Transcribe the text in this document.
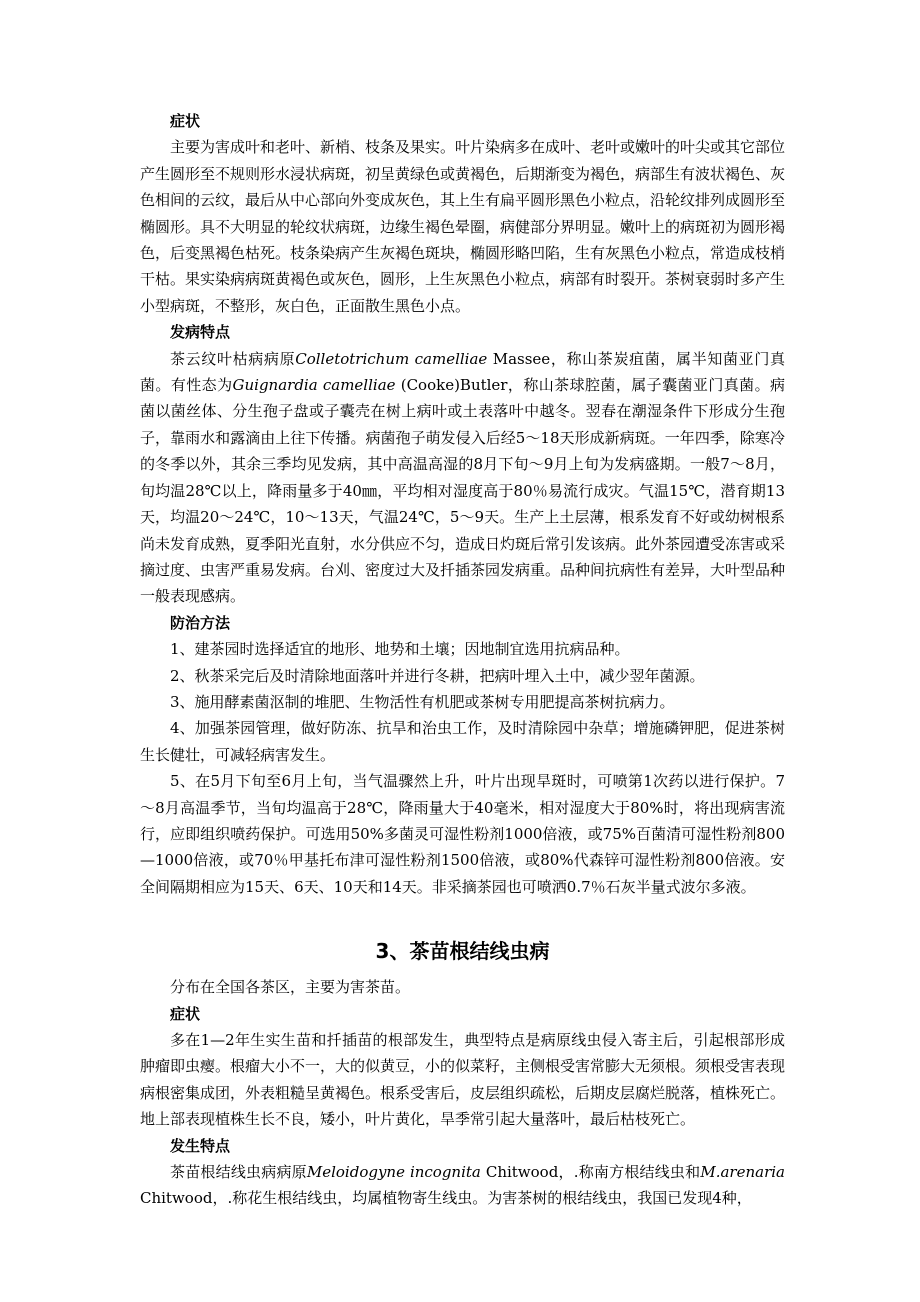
症状

主要为害成叶和老叶、新梢、枝条及果实。叶片染病多在成叶、老叶或嫩叶的叶尖或其它部位产生圆形至不规则形水浸状病斑，初呈黄绿色或黄褐色，后期渐变为褐色，病部生有波状褐色、灰色相间的云纹，最后从中心部向外变成灰色，其上生有扁平圆形黑色小粒点，沿轮纹排列成圆形至椭圆形。具不大明显的轮纹状病斑，边缘生褐色晕圈，病健部分界明显。嫩叶上的病斑初为圆形褐色，后变黑褐色枯死。枝条染病产生灰褐色斑块，椭圆形略凹陷，生有灰黑色小粒点，常造成枝梢干枯。果实染病病斑黄褐色或灰色，圆形，上生灰黑色小粒点，病部有时裂开。茶树衰弱时多产生小型病斑，不整形，灰白色，正面散生黑色小点。

发病特点

茶云纹叶枯病病原Colletotrichum camelliae Massee，称山茶炭疽菌，属半知菌亚门真菌。有性态为Guignardia camelliae (Cooke)Butler，称山茶球腔菌，属子囊菌亚门真菌。病菌以菌丝体、分生孢子盘或子囊壳在树上病叶或土表落叶中越冬。翌春在潮湿条件下形成分生孢子，靠雨水和露滴由上往下传播。病菌孢子萌发侵入后经5～18天形成新病斑。一年四季，除寒冷的冬季以外，其余三季均见发病，其中高温高湿的8月下旬～9月上旬为发病盛期。一般7～8月，旬均温28℃以上，降雨量多于40㎜，平均相对湿度高于80％易流行成灾。气温15℃，潜育期13天，均温20～24℃，10～13天，气温24℃，5～9天。生产上土层薄，根系发育不好或幼树根系尚未发育成熟，夏季阳光直射，水分供应不匀，造成日灼斑后常引发该病。此外茶园遭受冻害或采摘过度、虫害严重易发病。台刈、密度过大及扦插茶园发病重。品种间抗病性有差异，大叶型品种一般表现感病。

防治方法

1、建茶园时选择适宜的地形、地势和土壤；因地制宜选用抗病品种。

2、秋茶采完后及时清除地面落叶并进行冬耕，把病叶埋入土中，减少翌年菌源。

3、施用酵素菌沤制的堆肥、生物活性有机肥或茶树专用肥提高茶树抗病力。

4、加强茶园管理，做好防冻、抗旱和治虫工作，及时清除园中杂草；增施磷钾肥，促进茶树生长健壮，可减轻病害发生。

5、在5月下旬至6月上旬，当气温骤然上升，叶片出现旱斑时，可喷第1次药以进行保护。7～8月高温季节，当旬均温高于28℃，降雨量大于40毫米，相对湿度大于80%时，将出现病害流行，应即组织喷药保护。可选用50%多菌灵可湿性粉剂1000倍液，或75%百菌清可湿性粉剂800—1000倍液，或70％甲基托布津可湿性粉剂1500倍液，或80%代森锌可湿性粉剂800倍液。安全间隔期相应为15天、6天、10天和14天。非采摘茶园也可喷洒0.7％石灰半量式波尔多液。

3、茶苗根结线虫病

分布在全国各茶区，主要为害茶苗。

症状

多在1—2年生实生苗和扦插苗的根部发生，典型特点是病原线虫侵入寄主后，引起根部形成肿瘤即虫瘿。根瘤大小不一，大的似黄豆，小的似菜籽，主侧根受害常膨大无须根。须根受害表现病根密集成团，外表粗糙呈黄褐色。根系受害后，皮层组织疏松，后期皮层腐烂脱落，植株死亡。地上部表现植株生长不良，矮小，叶片黄化，旱季常引起大量落叶，最后枯枝死亡。

发生特点

茶苗根结线虫病病原Meloidogyne incognita Chitwood，.称南方根结线虫和M.arenaria Chitwood，.称花生根结线虫，均属植物寄生线虫。为害茶树的根结线虫，我国已发现4种，
